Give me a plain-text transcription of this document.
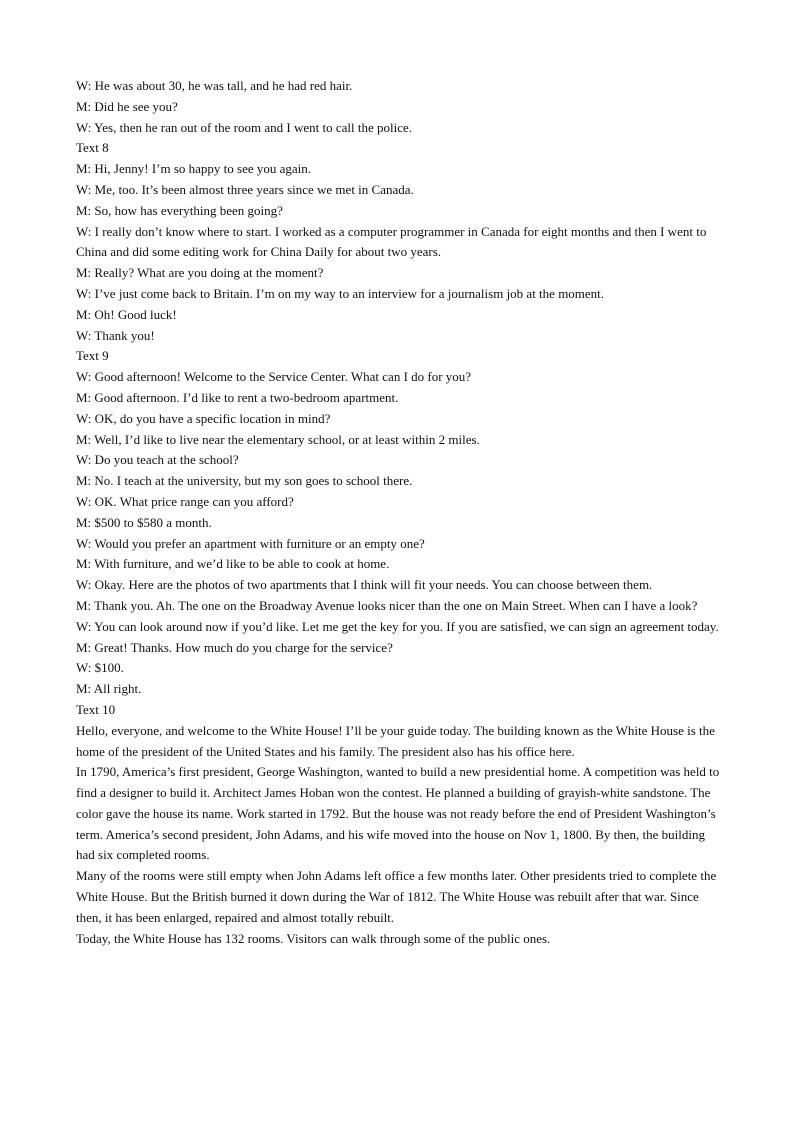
W: He was about 30, he was tall, and he had red hair.

M: Did he see you?

W: Yes, then he ran out of the room and I went to call the police.

Text 8

M: Hi, Jenny! I’m so happy to see you again.

W: Me, too. It’s been almost three years since we met in Canada.

M: So, how has everything been going?

W: I really don’t know where to start. I worked as a computer programmer in Canada for eight months and then I went to China and did some editing work for China Daily for about two years.

M: Really? What are you doing at the moment?

W: I’ve just come back to Britain. I’m on my way to an interview for a journalism job at the moment.

M: Oh! Good luck!

W: Thank you!

Text 9

W: Good afternoon! Welcome to the Service Center. What can I do for you?

M: Good afternoon. I’d like to rent a two-bedroom apartment.

W: OK, do you have a specific location in mind?

M: Well, I’d like to live near the elementary school, or at least within 2 miles.

W: Do you teach at the school?

M: No. I teach at the university, but my son goes to school there.

W: OK. What price range can you afford?

M: $500 to $580 a month.

W: Would you prefer an apartment with furniture or an empty one?

M: With furniture, and we’d like to be able to cook at home.

W: Okay. Here are the photos of two apartments that I think will fit your needs. You can choose between them.

M: Thank you. Ah. The one on the Broadway Avenue looks nicer than the one on Main Street. When can I have a look?

W: You can look around now if you’d like. Let me get the key for you. If you are satisfied, we can sign an agreement today.

M: Great! Thanks. How much do you charge for the service?

W: $100.

M: All right.

Text 10

Hello, everyone, and welcome to the White House! I’ll be your guide today. The building known as the White House is the home of the president of the United States and his family. The president also has his office here.

In 1790, America’s first president, George Washington, wanted to build a new presidential home. A competition was held to find a designer to build it. Architect James Hoban won the contest. He planned a building of grayish-white sandstone. The color gave the house its name. Work started in 1792. But the house was not ready before the end of President Washington’s term. America’s second president, John Adams, and his wife moved into the house on Nov 1, 1800. By then, the building had six completed rooms.

Many of the rooms were still empty when John Adams left office a few months later. Other presidents tried to complete the White House. But the British burned it down during the War of 1812. The White House was rebuilt after that war. Since then, it has been enlarged, repaired and almost totally rebuilt.

Today, the White House has 132 rooms. Visitors can walk through some of the public ones.
